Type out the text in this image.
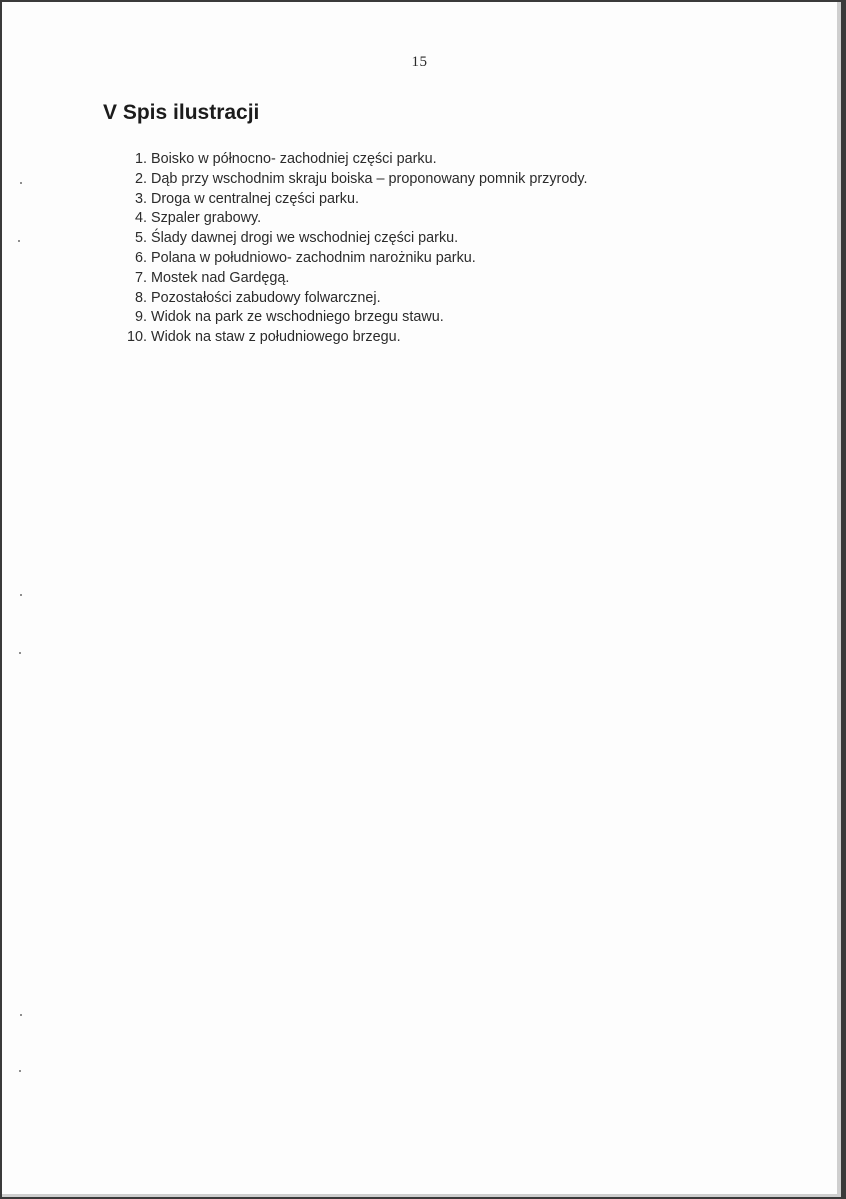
15
V Spis ilustracji
1. Boisko w północno- zachodniej części parku.
2. Dąb przy wschodnim skraju boiska – proponowany pomnik przyrody.
3. Droga w centralnej części parku.
4. Szpaler grabowy.
5. Ślady dawnej drogi we wschodniej części parku.
6. Polana w południowo- zachodnim narożniku parku.
7. Mostek nad Gardęgą.
8. Pozostałości zabudowy folwarcznej.
9. Widok na park ze wschodniego brzegu stawu.
10. Widok na staw z południowego brzegu.
